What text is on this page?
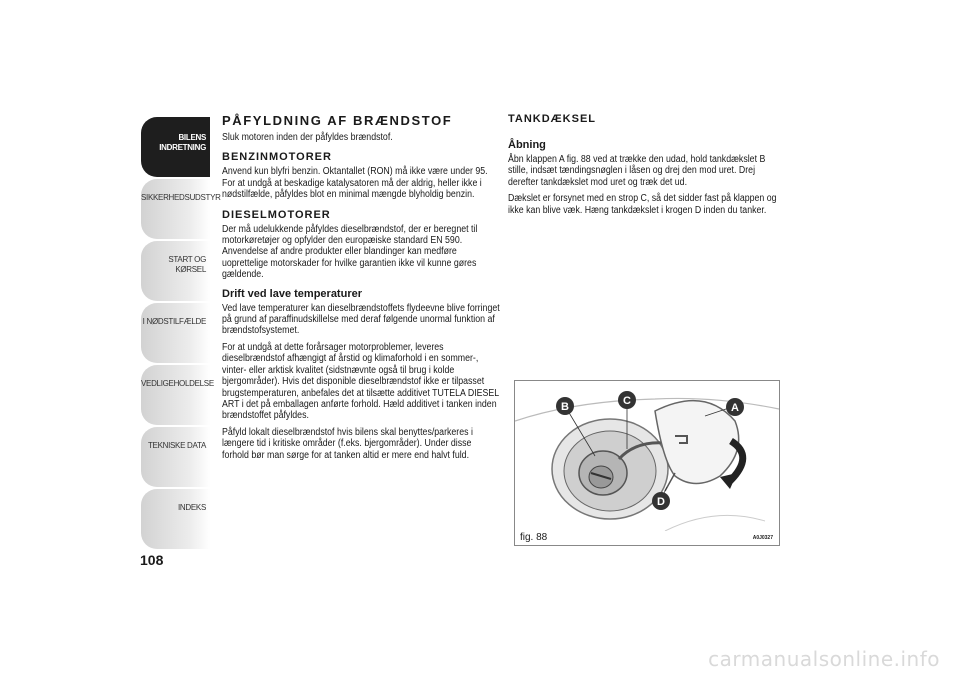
BILENS
INDRETNING
SIKKERHEDSUDSTYR
START OG KØRSEL
I NØDSTILFÆLDE
VEDLIGEHOLDELSE
TEKNISKE DATA
INDEKS
108
PÅFYLDNING AF BRÆNDSTOF

Sluk motoren inden der påfyldes brændstof.

BENZINMOTORER

Anvend kun blyfri benzin. Oktantallet (RON) må ikke være under 95. For at undgå at beskadige katalysatoren må der aldrig, heller ikke i nødstilfælde, påfyldes blot en minimal mængde blyholdig benzin.

DIESELMOTORER

Der må udelukkende påfyldes dieselbrændstof, der er beregnet til motorkøretøjer og opfylder den europæiske standard EN 590. Anvendelse af andre produkter eller blandinger kan medføre uoprettelige motorskader for hvilke garantien ikke vil kunne gøres gældende.

Drift ved lave temperaturer

Ved lave temperaturer kan dieselbrændstoffets flydeevne blive forringet på grund af paraffinudskillelse med deraf følgende unormal funktion af brændstofsystemet.

For at undgå at dette forårsager motorproblemer, leveres dieselbrændstof afhængigt af årstid og klimaforhold i en sommer-, vinter- eller arktisk kvalitet (sidstnævnte også til brug i kolde bjergområder). Hvis det disponible dieselbrændstof ikke er tilpasset brugstemperaturen, anbefales det at tilsætte additivet TUTELA DIESEL ART i det på emballagen anførte forhold. Hæld additivet i tanken inden brændstoffet påfyldes.

Påfyld lokalt dieselbrændstof hvis bilens skal benyttes/parkeres i længere tid i kritiske områder (f.eks. bjergområder). Under disse forhold bør man sørge for at tanken altid er mere end halvt fuld.

TANKDÆKSEL
Åbning

Åbn klappen A fig. 88 ved at trække den udad, hold tankdækslet B stille, indsæt tændingsnøglen i låsen og drej den mod uret. Drej derefter tankdækslet mod uret og træk det ud.

Dækslet er forsynet med en strop C, så det sidder fast på klappen og ikke kan blive væk. Hæng tankdækslet i krogen D inden du tanker.

B	C
A
D
fig. 88	A0J0327
carmanualsonline.info
